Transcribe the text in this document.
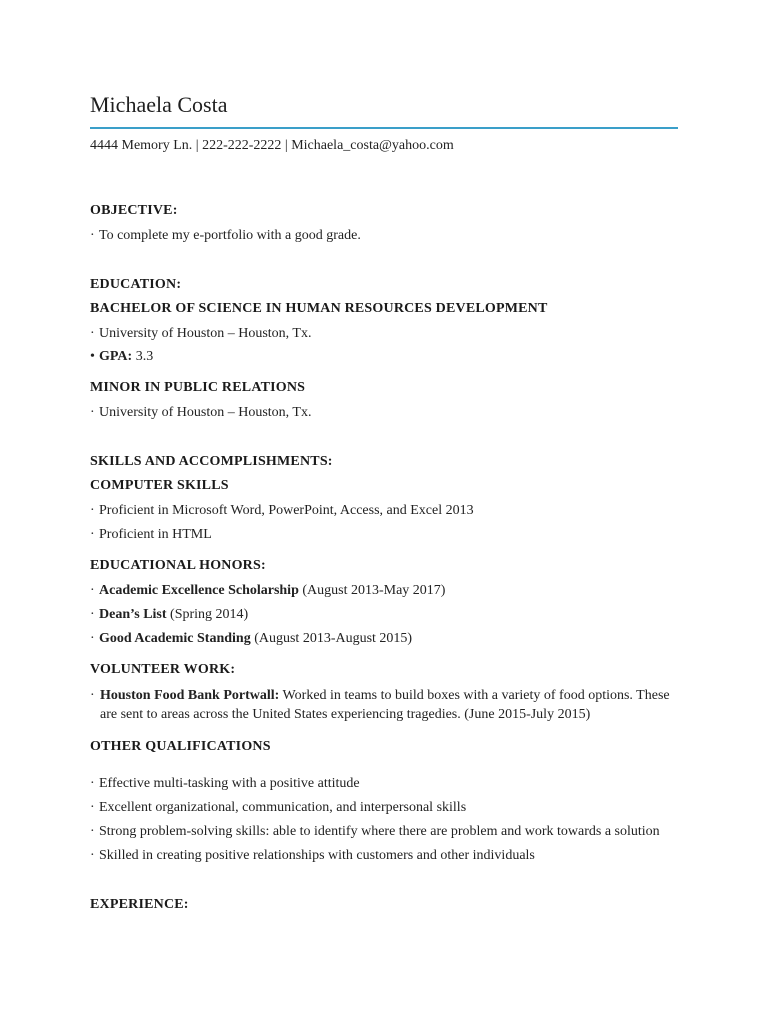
Michaela Costa
4444 Memory Ln. | 222-222-2222 | Michaela_costa@yahoo.com

OBJECTIVE:

· To complete my e-portfolio with a good grade.

EDUCATION:

BACHELOR OF SCIENCE IN HUMAN RESOURCES DEVELOPMENT

· University of Houston – Houston, Tx.
• GPA: 3.3

MINOR IN PUBLIC RELATIONS

· University of Houston – Houston, Tx.

SKILLS AND ACCOMPLISHMENTS:

COMPUTER SKILLS

· Proficient in Microsoft Word, PowerPoint, Access, and Excel 2013
· Proficient in HTML

EDUCATIONAL HONORS:

· Academic Excellence Scholarship (August 2013-May 2017)
· Dean’s List (Spring 2014)
· Good Academic Standing (August 2013-August 2015)

VOLUNTEER WORK:

· Houston Food Bank Portwall: Worked in teams to build boxes with a variety of food options. These are sent to areas across the United States experiencing tragedies. (June 2015-July 2015)

OTHER QUALIFICATIONS

· Effective multi-tasking with a positive attitude
· Excellent organizational, communication, and interpersonal skills
· Strong problem-solving skills: able to identify where there are problem and work towards a solution
· Skilled in creating positive relationships with customers and other individuals

EXPERIENCE:
